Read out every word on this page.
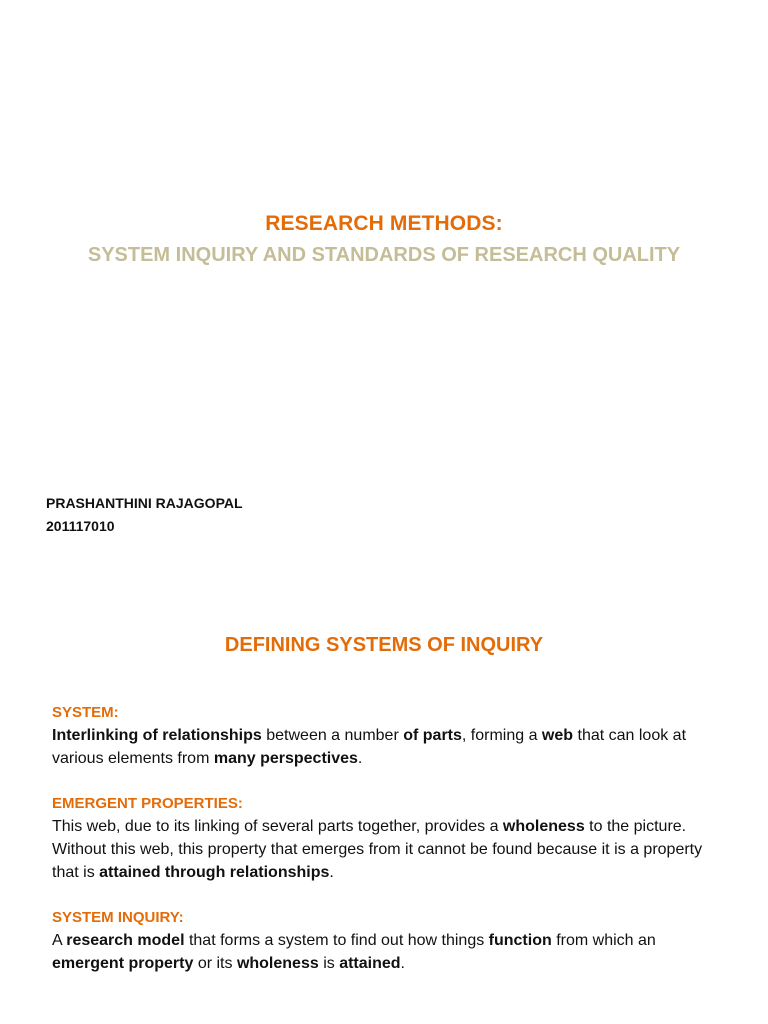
RESEARCH METHODS:
SYSTEM INQUIRY AND STANDARDS OF RESEARCH QUALITY
PRASHANTHINI RAJAGOPAL
201117010
DEFINING SYSTEMS OF INQUIRY
SYSTEM:
Interlinking of relationships between a number of parts, forming a web that can look at various elements from many perspectives.
EMERGENT PROPERTIES:
This web, due to its linking of several parts together, provides a wholeness to the picture. Without this web, this property that emerges from it cannot be found because it is a property that is attained through relationships.
SYSTEM INQUIRY:
A research model that forms a system to find out how things function from which an emergent property or its wholeness is attained.
